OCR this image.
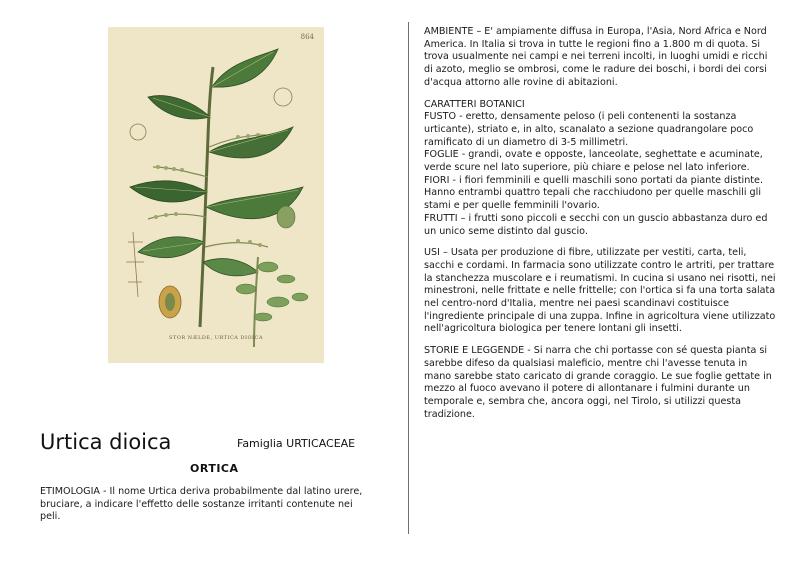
864
STOR NÆLDE, URTICA DIOICA
Urtica dioica	Famiglia URTICACEAE
ORTICA
ETIMOLOGIA - Il nome Urtica deriva probabilmente dal latino urere, bruciare, a indicare l'effetto delle sostanze irritanti contenute nei peli.

AMBIENTE – E' ampiamente diffusa in Europa, l'Asia, Nord Africa e Nord America. In Italia si trova in tutte le regioni fino a 1.800 m di quota. Si trova usualmente nei campi e nei terreni incolti, in luoghi umidi e ricchi di azoto, meglio se ombrosi, come le radure dei boschi, i bordi dei corsi d'acqua attorno alle rovine di abitazioni.

CARATTERI BOTANICI

FUSTO - eretto, densamente peloso (i peli contenenti la sostanza urticante), striato e, in alto, scanalato a sezione quadrangolare poco ramificato di un diametro di 3-5 millimetri.

FOGLIE - grandi, ovate e opposte, lanceolate, seghettate e acuminate, verde scure nel lato superiore, più chiare e pelose nel lato inferiore.

FIORI - i fiori femminili e quelli maschili sono portati da piante distinte. Hanno entrambi quattro tepali che racchiudono per quelle maschili gli stami e per quelle femminili l'ovario.

FRUTTI – i frutti sono piccoli e secchi con un guscio abbastanza duro ed un unico seme distinto dal guscio.

USI – Usata per produzione di fibre, utilizzate per vestiti, carta, teli, sacchi e cordami. In farmacia sono utilizzate contro le artriti, per trattare la stanchezza muscolare e i reumatismi. In cucina si usano nei risotti, nei minestroni, nelle frittate e nelle frittelle; con l'ortica si fa una torta salata nel centro-nord d'Italia, mentre nei paesi scandinavi costituisce l'ingrediente principale di una zuppa. Infine in agricoltura viene utilizzato nell'agricoltura biologica per tenere lontani gli insetti.

STORIE E LEGGENDE - Si narra che chi portasse con sé questa pianta si sarebbe difeso da qualsiasi maleficio, mentre chi l'avesse tenuta in mano sarebbe stato caricato di grande coraggio. Le sue foglie gettate in mezzo al fuoco avevano il potere di allontanare i fulmini durante un temporale e, sembra che, ancora oggi, nel Tirolo, si utilizzi questa tradizione.
